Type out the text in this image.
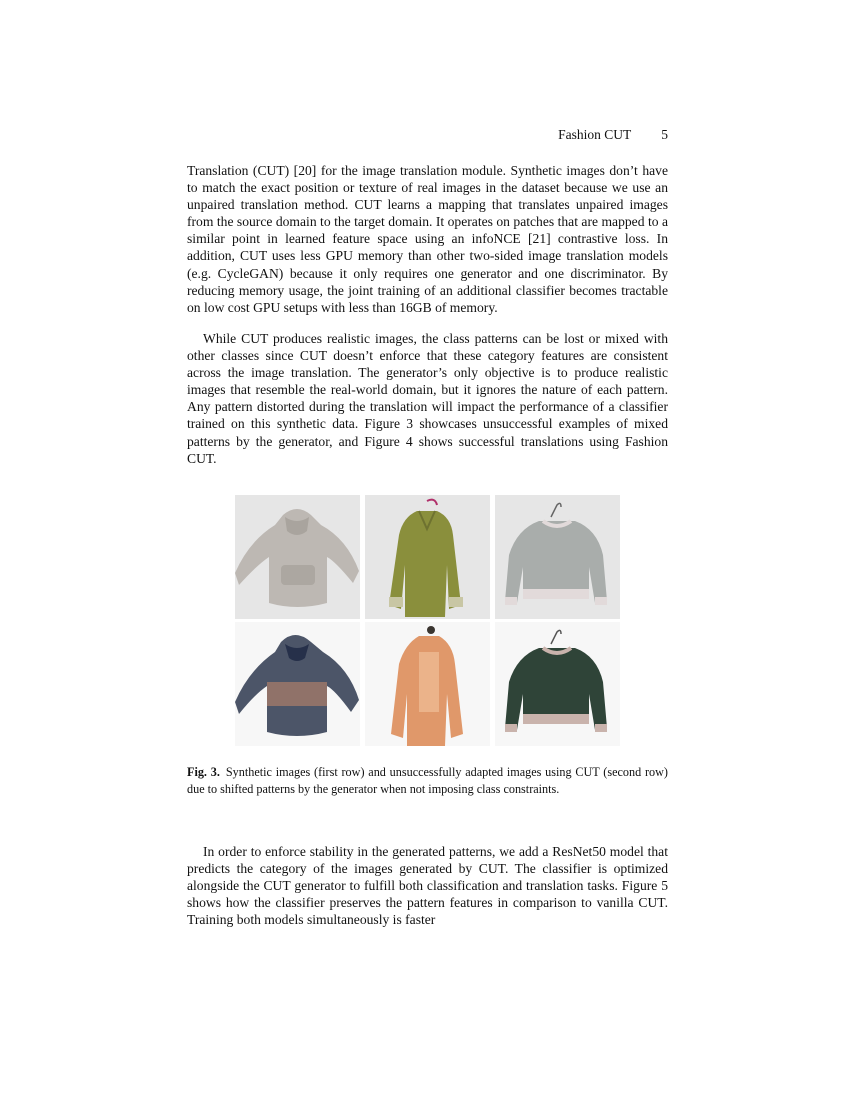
Fashion CUT 5

Translation (CUT) [20] for the image translation module. Synthetic images don’t have to match the exact position or texture of real images in the dataset because we use an unpaired translation method. CUT learns a mapping that translates unpaired images from the source domain to the target domain. It operates on patches that are mapped to a similar point in learned feature space using an infoNCE [21] contrastive loss. In addition, CUT uses less GPU memory than other two-sided image translation models (e.g. CycleGAN) because it only requires one generator and one discriminator. By reducing memory usage, the joint training of an additional classifier becomes tractable on low cost GPU setups with less than 16GB of memory.

While CUT produces realistic images, the class patterns can be lost or mixed with other classes since CUT doesn’t enforce that these category features are consistent across the image translation. The generator’s only objective is to produce realistic images that resemble the real-world domain, but it ignores the nature of each pattern. Any pattern distorted during the translation will impact the performance of a classifier trained on this synthetic data. Figure 3 showcases unsuccessful examples of mixed patterns by the generator, and Figure 4 shows successful translations using Fashion CUT.

Fig. 3. Synthetic images (first row) and unsuccessfully adapted images using CUT (second row) due to shifted patterns by the generator when not imposing class constraints.

In order to enforce stability in the generated patterns, we add a ResNet50 model that predicts the category of the images generated by CUT. The classifier is optimized alongside the CUT generator to fulfill both classification and translation tasks. Figure 5 shows how the classifier preserves the pattern features in comparison to vanilla CUT. Training both models simultaneously is faster
